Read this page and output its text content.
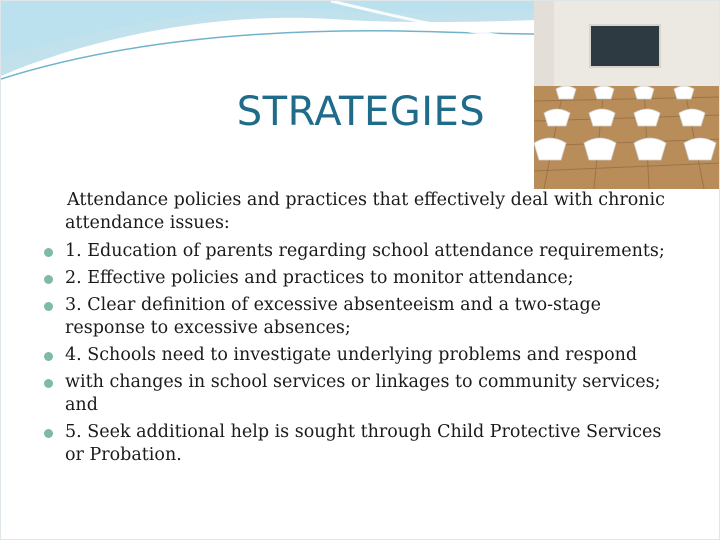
STRATEGIES

Attendance policies and practices that effectively deal with chronic attendance issues:

1. Education of parents regarding school attendance requirements;
2. Effective policies and practices to monitor attendance;
3. Clear definition of excessive absenteeism and a two-stage response to excessive absences;
4. Schools need to investigate underlying problems and respond
with changes in school services or linkages to community services; and
5. Seek additional help is sought through Child Protective Services or Probation.
